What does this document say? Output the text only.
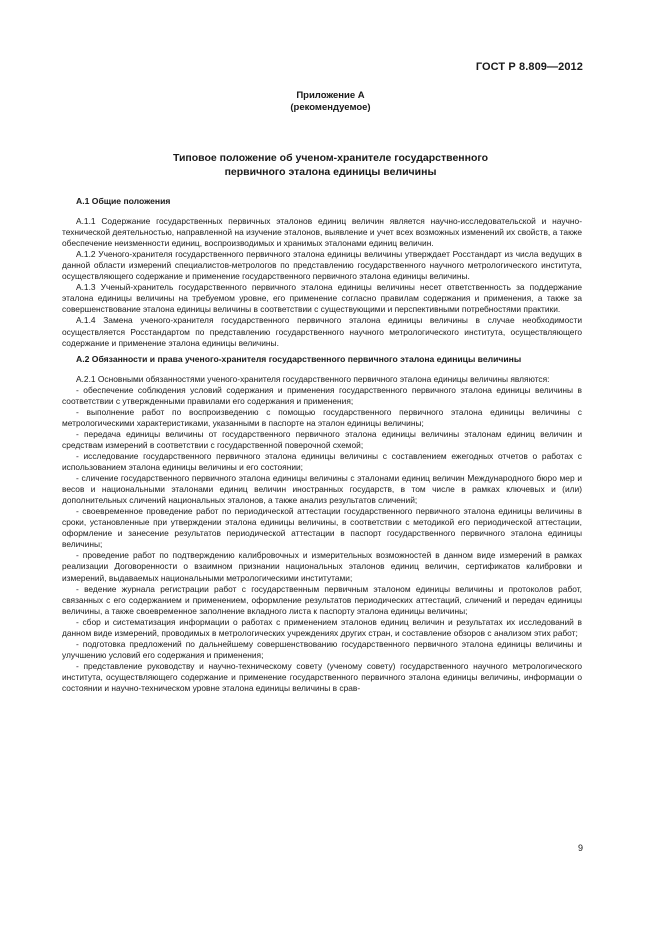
ГОСТ Р 8.809—2012
Приложение А
(рекомендуемое)
Типовое положение об ученом-хранителе государственного
первичного эталона единицы величины
А.1 Общие положения

А.1.1 Содержание государственных первичных эталонов единиц величин является научно-исследовательской и научно-технической деятельностью, направленной на изучение эталонов, выявление и учет всех возможных изменений их свойств, а также обеспечение неизменности единиц, воспроизводимых и хранимых эталонами единиц величин.

А.1.2 Ученого-хранителя государственного первичного эталона единицы величины утверждает Росстандарт из числа ведущих в данной области измерений специалистов-метрологов по представлению государственного научного метрологического института, осуществляющего содержание и применение государственного первичного эталона единицы величины.

А.1.3 Ученый-хранитель государственного первичного эталона единицы величины несет ответственность за поддержание эталона единицы величины на требуемом уровне, его применение согласно правилам содержания и применения, а также за совершенствование эталона единицы величины в соответствии с существующими и перспективными потребностями практики.

А.1.4 Замена ученого-хранителя государственного первичного эталона единицы величины в случае необходимости осуществляется Росстандартом по представлению государственного научного метрологического института, осуществляющего содержание и применение эталона единицы величины.

А.2 Обязанности и права ученого-хранителя государственного первичного эталона единицы величины

А.2.1 Основными обязанностями ученого-хранителя государственного первичного эталона единицы величины являются:

- обеспечение соблюдения условий содержания и применения государственного первичного эталона единицы величины в соответствии с утвержденными правилами его содержания и применения;

- выполнение работ по воспроизведению с помощью государственного первичного эталона единицы величины с метрологическими характеристиками, указанными в паспорте на эталон единицы величины;

- передача единицы величины от государственного первичного эталона единицы величины эталонам единиц величин и средствам измерений в соответствии с государственной поверочной схемой;

- исследование государственного первичного эталона единицы величины с составлением ежегодных отчетов о работах с использованием эталона единицы величины и его состоянии;

- сличение государственного первичного эталона единицы величины с эталонами единиц величин Международного бюро мер и весов и национальными эталонами единиц величин иностранных государств, в том числе в рамках ключевых и (или) дополнительных сличений национальных эталонов, а также анализ результатов сличений;

- своевременное проведение работ по периодической аттестации государственного первичного эталона единицы величины в сроки, установленные при утверждении эталона единицы величины, в соответствии с методикой его периодической аттестации, оформление и занесение результатов периодической аттестации в паспорт государственного первичного эталона единицы величины;

- проведение работ по подтверждению калибровочных и измерительных возможностей в данном виде измерений в рамках реализации Договоренности о взаимном признании национальных эталонов единиц величин, сертификатов калибровки и измерений, выдаваемых национальными метрологическими институтами;

- ведение журнала регистрации работ с государственным первичным эталоном единицы величины и протоколов работ, связанных с его содержанием и применением, оформление результатов периодических аттестаций, сличений и передач единицы величины, а также своевременное заполнение вкладного листа к паспорту эталона единицы величины;

- сбор и систематизация информации о работах с применением эталонов единиц величин и результатах их исследований в данном виде измерений, проводимых в метрологических учреждениях других стран, и составление обзоров с анализом этих работ;

- подготовка предложений по дальнейшему совершенствованию государственного первичного эталона единицы величины и улучшению условий его содержания и применения;

- представление руководству и научно-техническому совету (ученому совету) государственного научного метрологического института, осуществляющего содержание и применение государственного первичного эталона единицы величины, информации о состоянии и научно-техническом уровне эталона единицы величины в срав-

9
